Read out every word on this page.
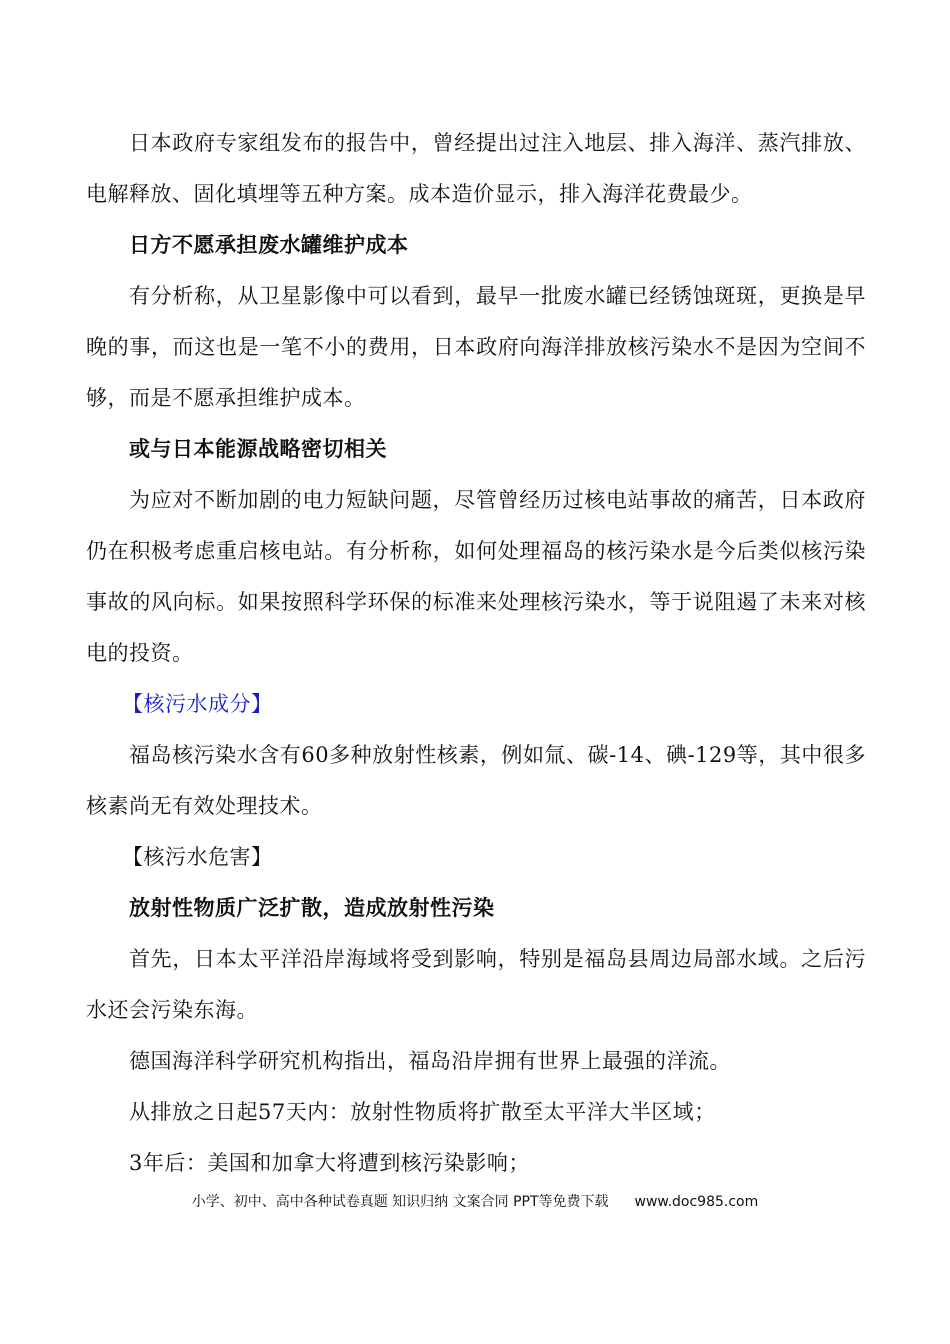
日本政府专家组发布的报告中，曾经提出过注入地层、排入海洋、蒸汽排放、电解释放、固化填埋等五种方案。成本造价显示，排入海洋花费最少。

日方不愿承担废水罐维护成本

有分析称，从卫星影像中可以看到，最早一批废水罐已经锈蚀斑斑，更换是早晚的事，而这也是一笔不小的费用，日本政府向海洋排放核污染水不是因为空间不够，而是不愿承担维护成本。

或与日本能源战略密切相关

为应对不断加剧的电力短缺问题，尽管曾经历过核电站事故的痛苦，日本政府仍在积极考虑重启核电站。有分析称，如何处理福岛的核污染水是今后类似核污染事故的风向标。如果按照科学环保的标准来处理核污染水，等于说阻遏了未来对核电的投资。

【核污水成分】

福岛核污染水含有60多种放射性核素，例如氚、碳-14、碘-129等，其中很多核素尚无有效处理技术。

【核污水危害】

放射性物质广泛扩散，造成放射性污染

首先，日本太平洋沿岸海域将受到影响，特别是福岛县周边局部水域。之后污水还会污染东海。

德国海洋科学研究机构指出，福岛沿岸拥有世界上最强的洋流。

从排放之日起57天内：放射性物质将扩散至太平洋大半区域；

3年后：美国和加拿大将遭到核污染影响；

小学、初中、高中各种试卷真题 知识归纳 文案合同 PPT等免费下载 www.doc985.com
